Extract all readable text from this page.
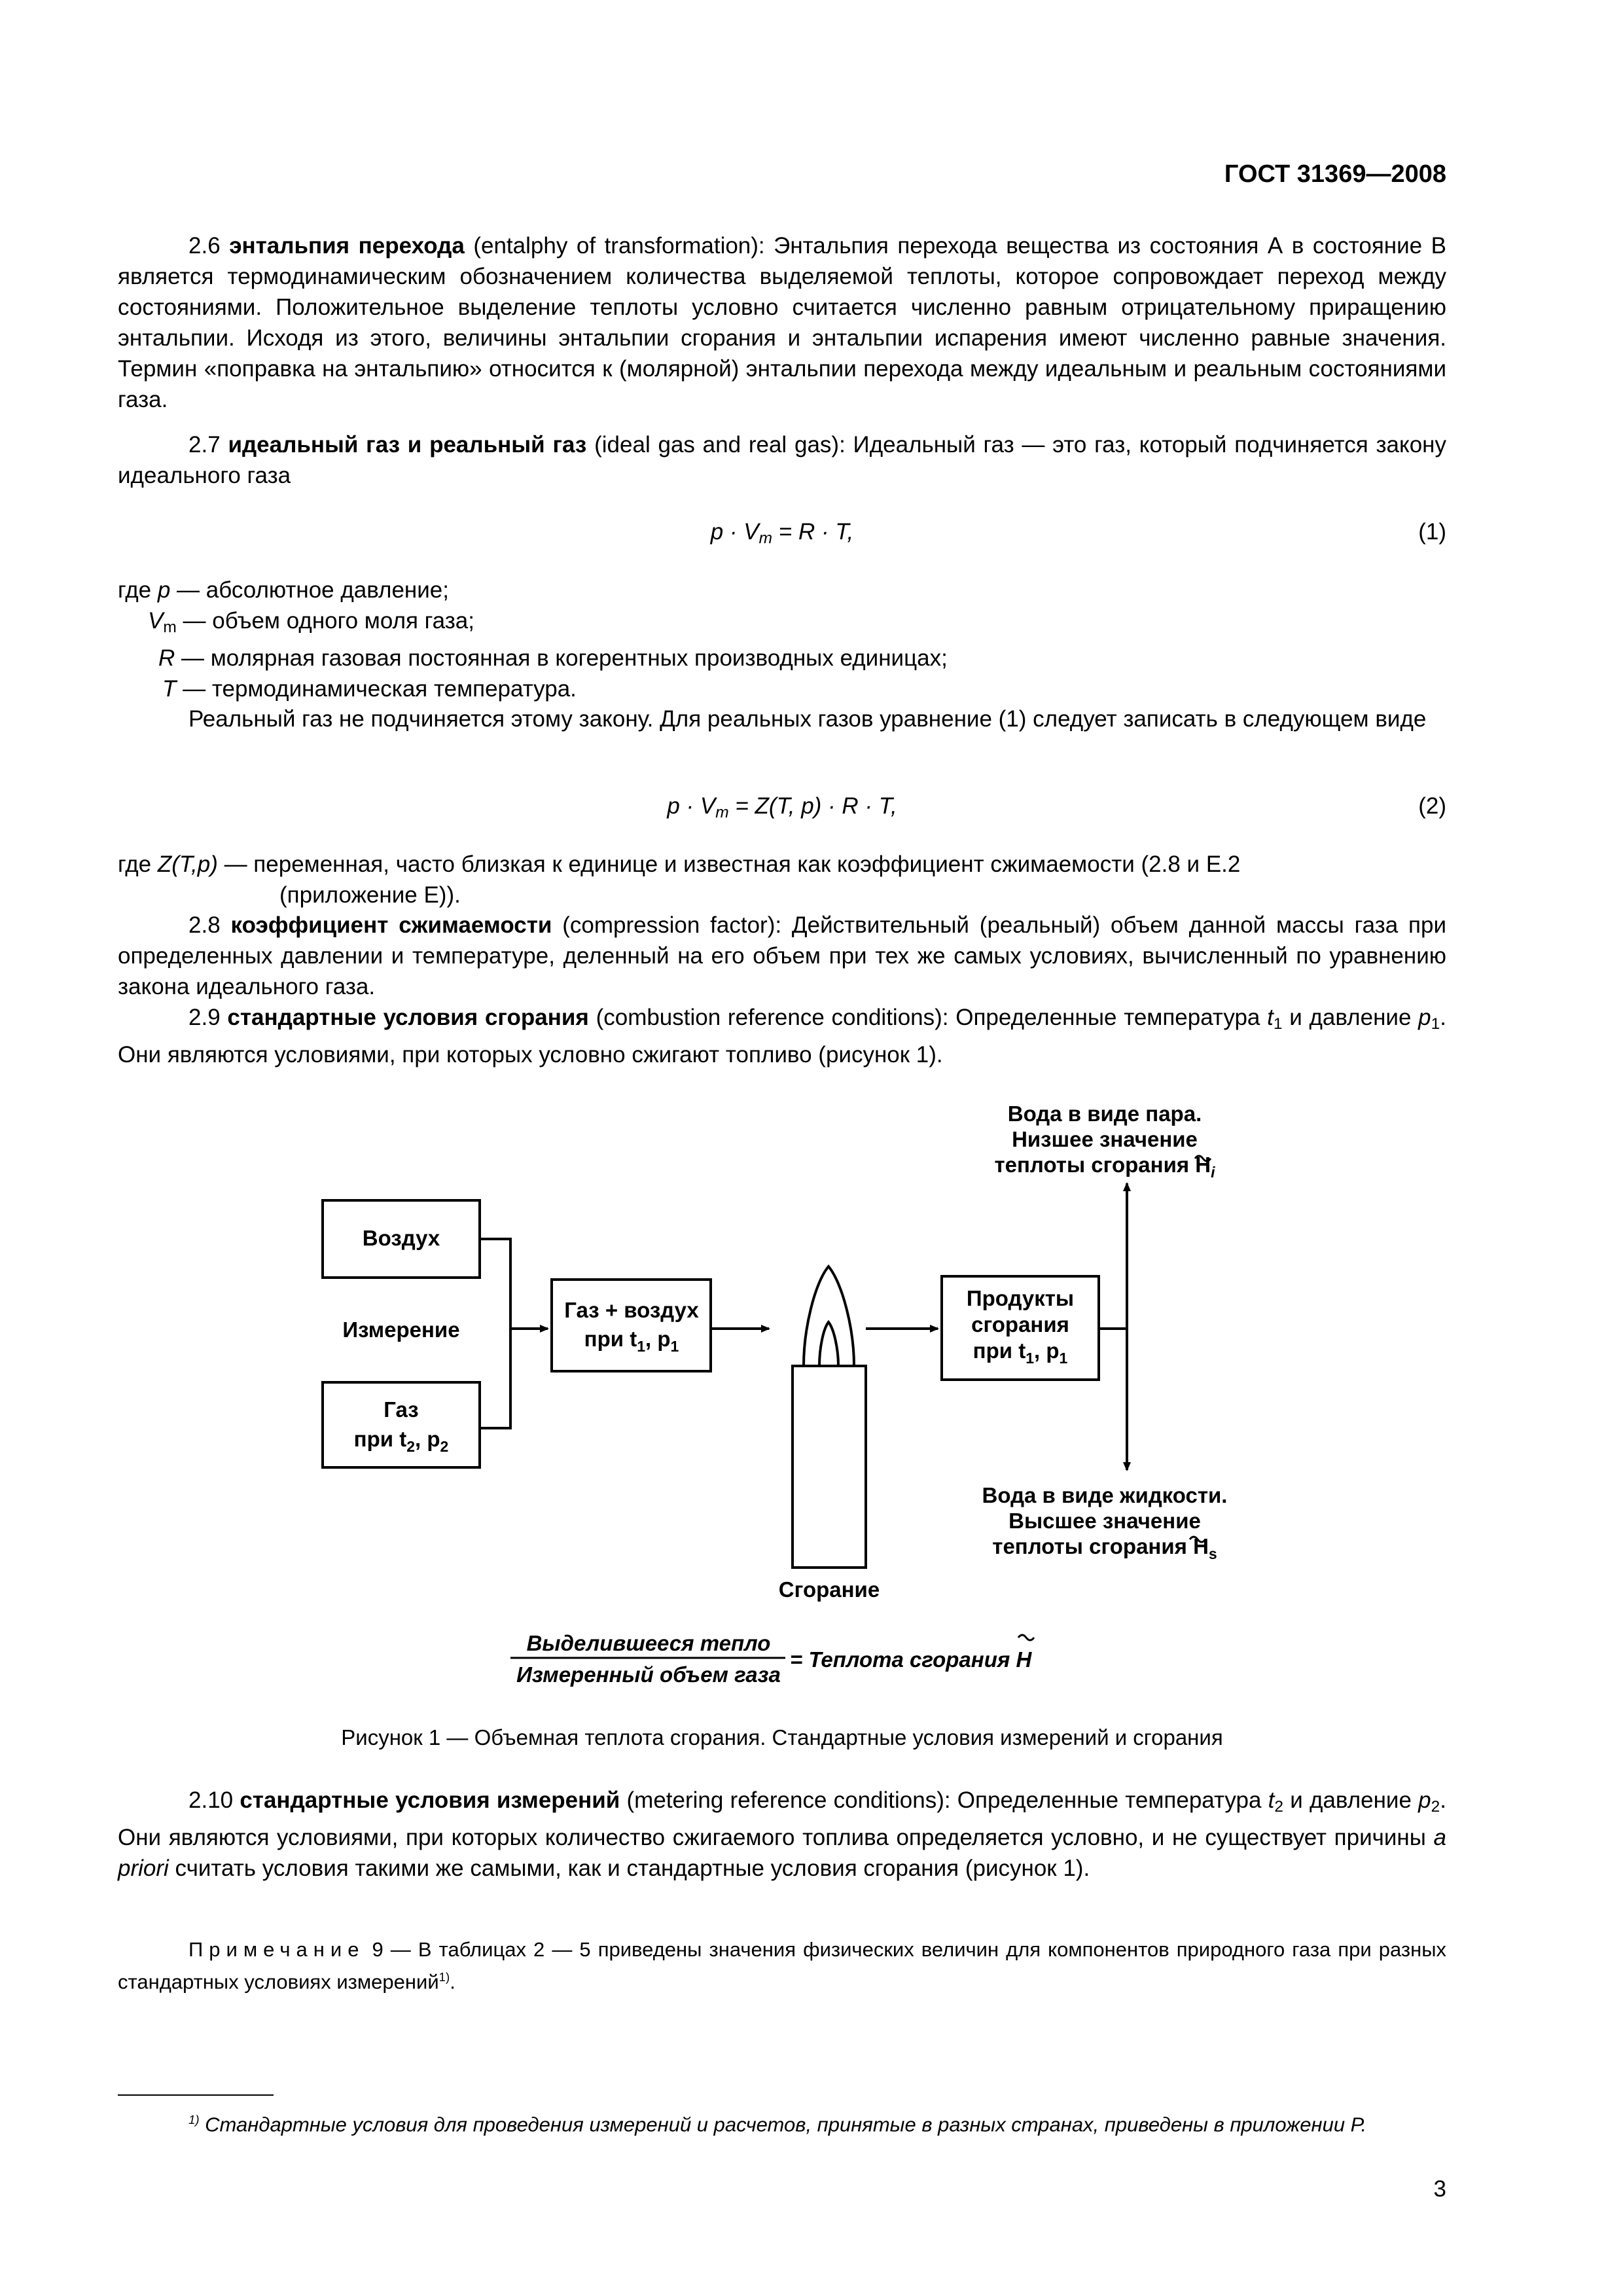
ГОСТ 31369—2008
2.6 энтальпия перехода (entalphy of transformation): Энтальпия перехода вещества из состояния А в состояние В является термодинамическим обозначением количества выделяемой теплоты, которое сопровождает переход между состояниями. Положительное выделение теплоты условно считается численно равным отрицательному приращению энтальпии. Исходя из этого, величины энтальпии сгорания и энтальпии испарения имеют численно равные значения. Термин «поправка на энтальпию» относится к (молярной) энтальпии перехода между идеальным и реальным состояниями газа.
2.7 идеальный газ и реальный газ (ideal gas and real gas): Идеальный газ — это газ, который подчиняется закону идеального газа
$p \cdot V_m = R \cdot T$,	(1)
где p — абсолютное давление;
$V_m$ — объем одного моля газа;
R — молярная газовая постоянная в когерентных производных единицах;
T — термодинамическая температура.
Реальный газ не подчиняется этому закону. Для реальных газов уравнение (1) следует записать в следующем виде
$p \cdot V_m = Z(T$, p) · R · T,	(2)
где Z(T,p) — переменная, часто близкая к единице и известная как коэффициент сжимаемости (2.8 и Е.2
(приложение Е)).
2.8 коэффициент сжимаемости (compression factor): Действительный (реальный) объем данной массы газа при определенных давлении и температуре, деленный на его объем при тех же самых условиях, вычисленный по уравнению закона идеального газа.
2.9 стандартные условия сгорания (combustion reference conditions): Определенные температура $t_1$ и давление $p_1$. Они являются условиями, при которых условно сжигают топливо (рисунок 1).
Рисунок 1 — Объемная теплота сгорания. Стандартные условия измерений и сгорания
2.10 стандартные условия измерений (metering reference conditions): Определенные температура $t_2$ и давление $p_2$. Они являются условиями, при которых количество сжигаемого топлива определяется условно, и не существует причины a priori считать условия такими же самыми, как и стандартные условия сгорания (рисунок 1).
Примечание 9 — В таблицах 2 — 5 приведены значения физических величин для компонентов природного газа при разных стандартных условиях измерений$^{1)}$.
$^{1)}$ Стандартные условия для проведения измерений и расчетов, принятые в разных странах, приведены в приложении Р.
Воздух
Измерение
Газ
при $t_2$, $p_2$
Газ + воздух
при $t_1$, $p_1$
Сгорание
Продукты
сгорания
при $t_1$, $p_1$
Вода в виде пара.
Низшее значение
теплоты сгорания $H_i$
Вода в виде жидкости.
Высшее значение
теплоты сгорания $H_s$
Выделившееся тепло
Измеренный объем газа
= Теплота сгорания H
3
